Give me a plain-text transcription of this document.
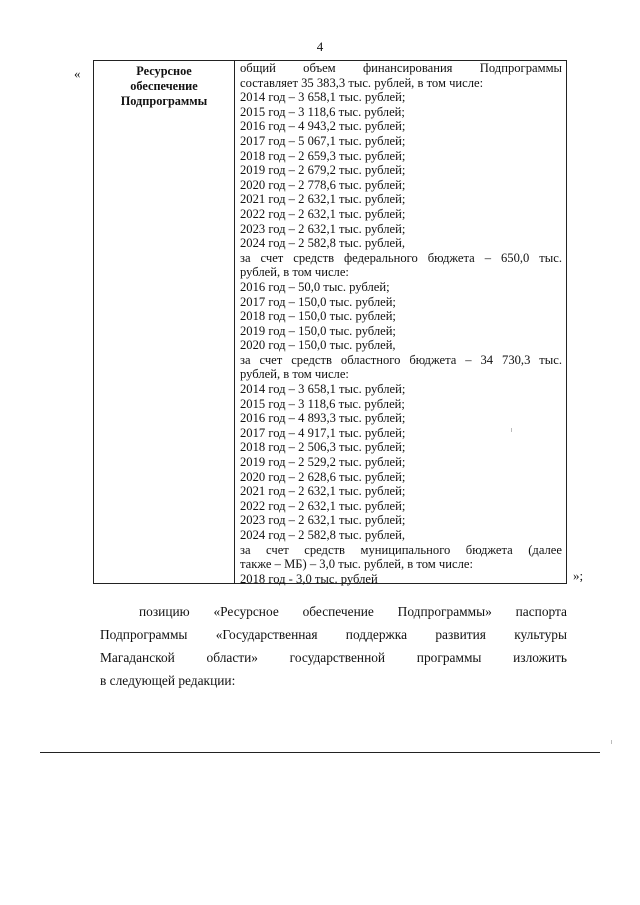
4
«	Ресурсное
обеспечение
Подпрограммы
общий объем финансирования Подпрограммы
составляет 35 383,3 тыс. рублей, в том числе:
2014 год – 3 658,1 тыс. рублей;
2015 год – 3 118,6 тыс. рублей;
2016 год – 4 943,2 тыс. рублей;
2017 год – 5 067,1 тыс. рублей;
2018 год – 2 659,3 тыс. рублей;
2019 год – 2 679,2 тыс. рублей;
2020 год – 2 778,6 тыс. рублей;
2021 год – 2 632,1 тыс. рублей;
2022 год – 2 632,1 тыс. рублей;
2023 год – 2 632,1 тыс. рублей;
2024 год – 2 582,8 тыс. рублей,
за счет средств федерального бюджета – 650,0 тыс.
рублей, в том числе:
2016 год – 50,0 тыс. рублей;
2017 год – 150,0 тыс. рублей;
2018 год – 150,0 тыс. рублей;
2019 год – 150,0 тыс. рублей;
2020 год – 150,0 тыс. рублей,
за счет средств областного бюджета – 34 730,3 тыс.
рублей, в том числе:
2014 год – 3 658,1 тыс. рублей;
2015 год – 3 118,6 тыс. рублей;
2016 год – 4 893,3 тыс. рублей;
2017 год – 4 917,1 тыс. рублей;
2018 год – 2 506,3 тыс. рублей;
2019 год – 2 529,2 тыс. рублей;
2020 год – 2 628,6 тыс. рублей;
2021 год – 2 632,1 тыс. рублей;
2022 год – 2 632,1 тыс. рублей;
2023 год – 2 632,1 тыс. рублей;
2024 год – 2 582,8 тыс. рублей,
за счет средств муниципального бюджета (далее
также – МБ) – 3,0 тыс. рублей, в том числе:
2018 год - 3,0 тыс. рублей	»;
позицию «Ресурсное обеспечение Подпрограммы» паспорта
Подпрограммы «Государственная поддержка развития культуры
Магаданской области» государственной программы изложить
в следующей редакции:
